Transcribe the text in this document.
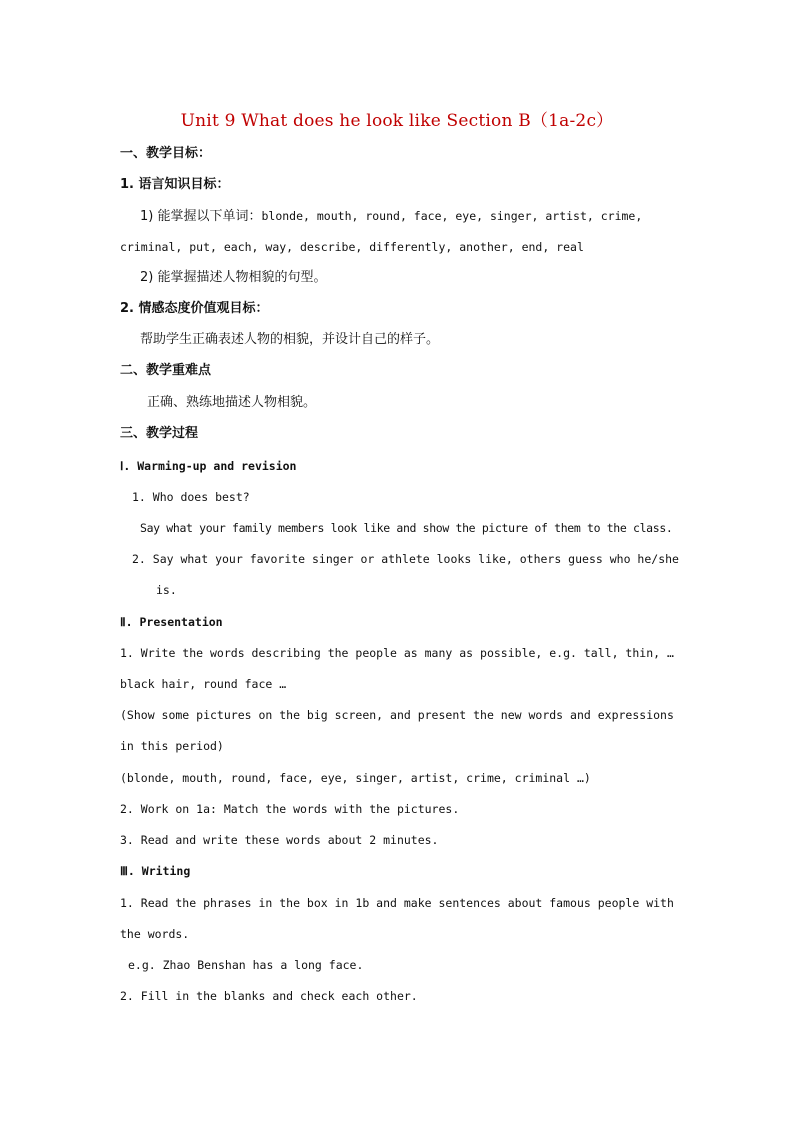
Unit 9 What does he look like Section B（1a-2c）
一、教学目标：
1. 语言知识目标：
1) 能掌握以下单词：blonde, mouth, round, face, eye, singer, artist, crime,
criminal, put, each, way, describe, differently, another, end, real
2) 能掌握描述人物相貌的句型。
2. 情感态度价值观目标：
帮助学生正确表述人物的相貌，并设计自己的样子。
二、教学重难点
正确、熟练地描述人物相貌。
三、教学过程
Ⅰ. Warming-up and revision
1. Who does best?
Say what your family members look like and show the picture of them to the class.
2. Say what your favorite singer or athlete looks like, others guess who he/she
is.
Ⅱ. Presentation
1. Write the words describing the people as many as possible, e.g. tall, thin, …
black hair, round face …
(Show some pictures on the big screen, and present the new words and expressions
in this period)
(blonde, mouth, round, face, eye, singer, artist, crime, criminal …)
2. Work on 1a: Match the words with the pictures.
3. Read and write these words about 2 minutes.
Ⅲ. Writing
1. Read the phrases in the box in 1b and make sentences about famous people with
the words.
e.g. Zhao Benshan has a long face.
2. Fill in the blanks and check each other.
